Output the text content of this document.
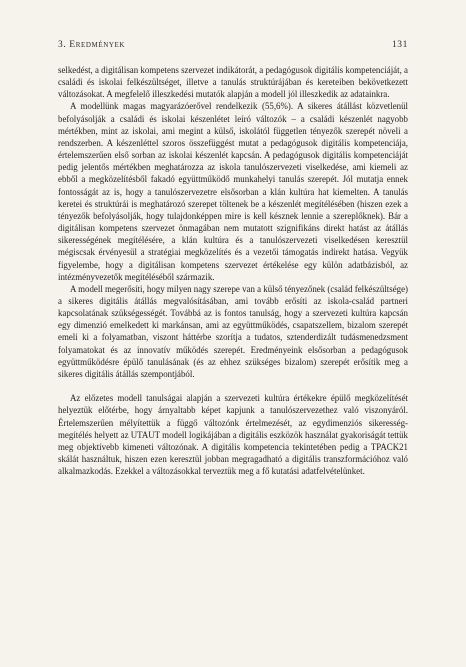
3. Eredmények	131

selkedést, a digitálisan kompetens szervezet indikátorát, a pedagógusok digitális kompetenciáját, a családi és iskolai felkészültséget, illetve a tanulás struktúrájában és kereteiben bekövetkezett változásokat. A megfelelő illeszkedési mutatók alapján a modell jól illeszkedik az adatainkra.

A modellünk magas magyarázóerővel rendelkezik (55,6%). A sikeres átállást közvetlenül befolyásolják a családi és iskolai készenlétet leíró változók – a családi készenlét nagyobb mértékben, mint az iskolai, ami megint a külső, iskolától független tényezők szerepét növeli a rendszerben. A készenléttel szoros összefüggést mutat a pedagógusok digitális kompetenciája, értelemszerűen első sorban az iskolai készenlét kapcsán. A pedagógusok digitális kompetenciáját pedig jelentős mértékben meghatározza az iskola tanulószervezeti viselkedése, ami kiemeli az ebből a megközelítésből fakadó együttműködő munkahelyi tanulás szerepét. Jól mutatja ennek fontosságát az is, hogy a tanulószervezetre elsősorban a klán kultúra hat kiemelten. A tanulás keretei és struktúrái is meghatározó szerepet töltenek be a készenlét megítélésében (hiszen ezek a tényezők befolyásolják, hogy tulajdonképpen mire is kell késznek lennie a szereplőknek). Bár a digitálisan kompetens szervezet önmagában nem mutatott szignifikáns direkt hatást az átállás sikerességének megítélésére, a klán kultúra és a tanulószervezeti viselkedésen keresztül mégiscsak érvényesül a stratégiai megközelítés és a vezetői támogatás indirekt hatása. Vegyük figyelembe, hogy a digitálisan kompetens szervezet értékelése egy külön adatbázisból, az intézményvezetők megítéléséből származik.

A modell megerősíti, hogy milyen nagy szerepe van a külső tényezőnek (család felkészültsége) a sikeres digitális átállás megvalósításában, ami tovább erősíti az iskola-család partneri kapcsolatának szükségességét. Továbbá az is fontos tanulság, hogy a szervezeti kultúra kapcsán egy dimenzió emelkedett ki markánsan, ami az együttműködés, csapatszellem, bizalom szerepét emeli ki a folyamatban, viszont háttérbe szorítja a tudatos, sztenderdizált tudásmenedzsment folyamatokat és az innovatív működés szerepét. Eredményeink elsősorban a pedagógusok együttműködésre épülő tanulásának (és az ehhez szükséges bizalom) szerepét erősítik meg a sikeres digitális átállás szempontjából.

Az előzetes modell tanulságai alapján a szervezeti kultúra értékekre épülő megközelítését helyeztük előtérbe, hogy árnyaltabb képet kapjunk a tanulószervezethez való viszonyáról. Értelemszerűen mélyítettük a függő változónk értelmezését, az egydimenziós sikeresség-megítélés helyett az UTAUT modell logikájában a digitális eszközök használat gyakoriságát tettük meg objektívebb kimeneti változónak. A digitális kompetencia tekintetében pedig a TPACK21 skálát használtuk, hiszen ezen keresztül jobban megragadható a digitális transzformációhoz való alkalmazkodás. Ezekkel a változásokkal terveztük meg a fő kutatási adatfelvételünket.
